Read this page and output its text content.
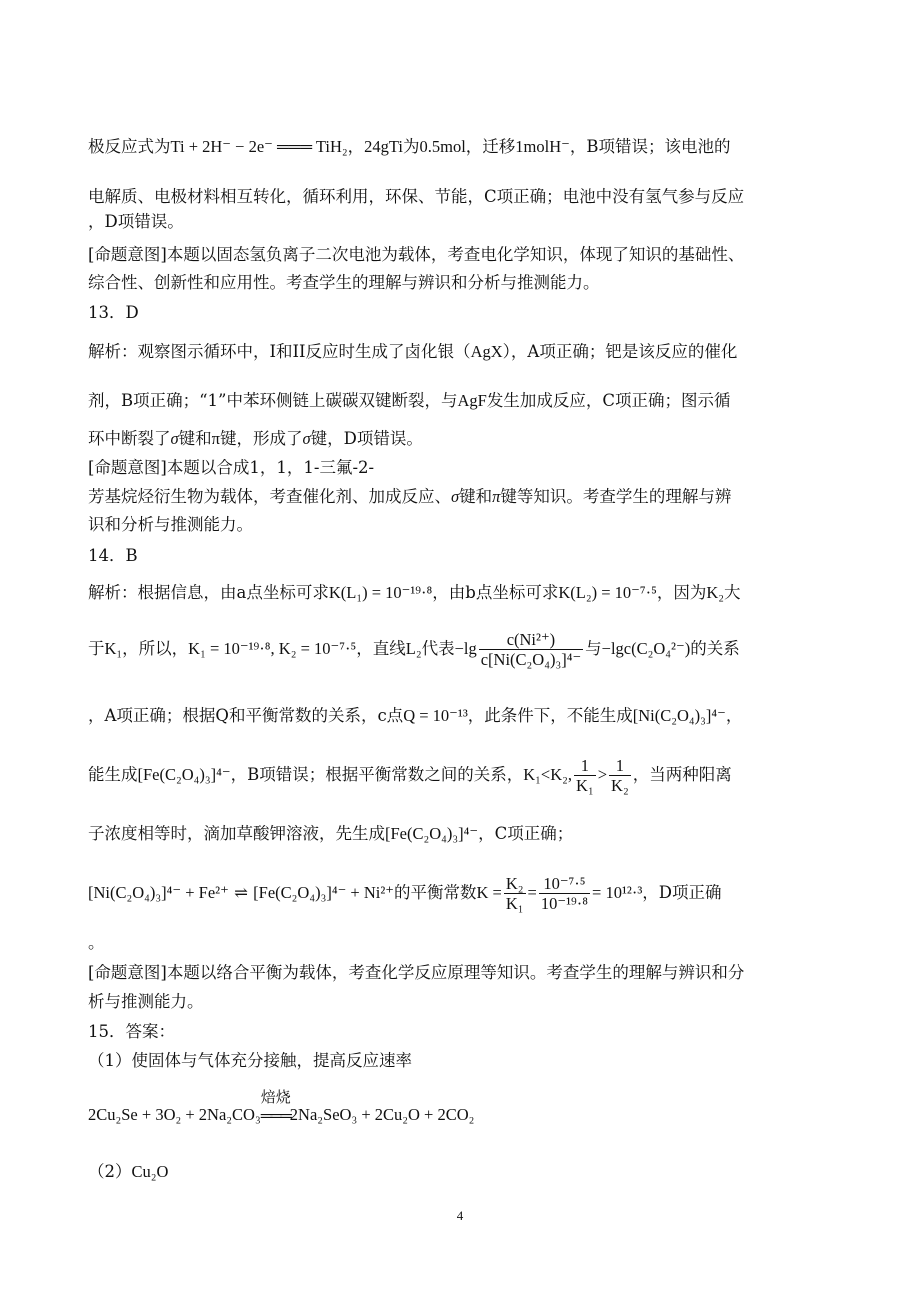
极反应式为Ti + 2H⁻ − 2e⁻ ═══ TiH₂，24gTi为0.5mol，迁移1molH⁻，B项错误；该电池的
电解质、电极材料相互转化，循环利用，环保、节能，C项正确；电池中没有氢气参与反应
，D项错误。
[命题意图]本题以固态氢负离子二次电池为载体，考查电化学知识，体现了知识的基础性、
综合性、创新性和应用性。考查学生的理解与辨识和分析与推测能力。
13．D
解析：观察图示循环中，I和II反应时生成了卤化银（AgX），A项正确；钯是该反应的催化
剂，B项正确；“1”中苯环侧链上碳碳双键断裂，与AgF发生加成反应，C项正确；图示循
环中断裂了σ键和π键，形成了σ键，D项错误。
[命题意图]本题以合成1，1，1-三氟-2-
芳基烷烃衍生物为载体，考查催化剂、加成反应、σ键和π键等知识。考查学生的理解与辨
识和分析与推测能力。
14．B
解析：根据信息，由a点坐标可求K(L₁) = 10⁻¹⁹·⁸，由b点坐标可求K(L₂) = 10⁻⁷·⁵，因为K₂大
于K₁，所以，K₁ = 10⁻¹⁹·⁸, K₂ = 10⁻⁷·⁵，直线L₂代表$-\lg \frac{\text{c(Ni²⁺)}}{\text{c[Ni(C₂O₄)₃]⁴⁻}}$ 与−lgc(C₂O₄²⁻)的关系
，A项正确；根据Q和平衡常数的关系，c点Q = 10⁻¹³，此条件下，不能生成[Ni(C₂O₄)₃]⁴⁻，
能生成[Fe(C₂O₄)₃]⁴⁻，B项错误；根据平衡常数之间的关系，K₁<K₂, $\frac{1}{\text{K₁}} > \frac{1}{\text{K₂}}$ ，当两种阳离
子浓度相等时，滴加草酸钾溶液，先生成[Fe(C₂O₄)₃]⁴⁻，C项正确；
[Ni(C₂O₄)₃]⁴⁻ + Fe²⁺ ⇌ [Fe(C₂O₄)₃]⁴⁻ + Ni²⁺的平衡常数$K = \frac{\text{K₂}}{\text{K₁}} = \frac{\text{10⁻⁷·⁵}}{\text{10⁻¹⁹·⁸}} = 10^{12}\cdot^3$，D项正确
。
[命题意图]本题以络合平衡为载体，考查化学反应原理等知识。考查学生的理解与辨识和分
析与推测能力。
15．答案：
（1）使固体与气体充分接触，提高反应速率
2Cu₂Se + 3O₂ + 2Na₂CO₃
焙烧
═══2Na₂SeO₃ + 2Cu₂O + 2CO₂
（2）Cu₂O
4
